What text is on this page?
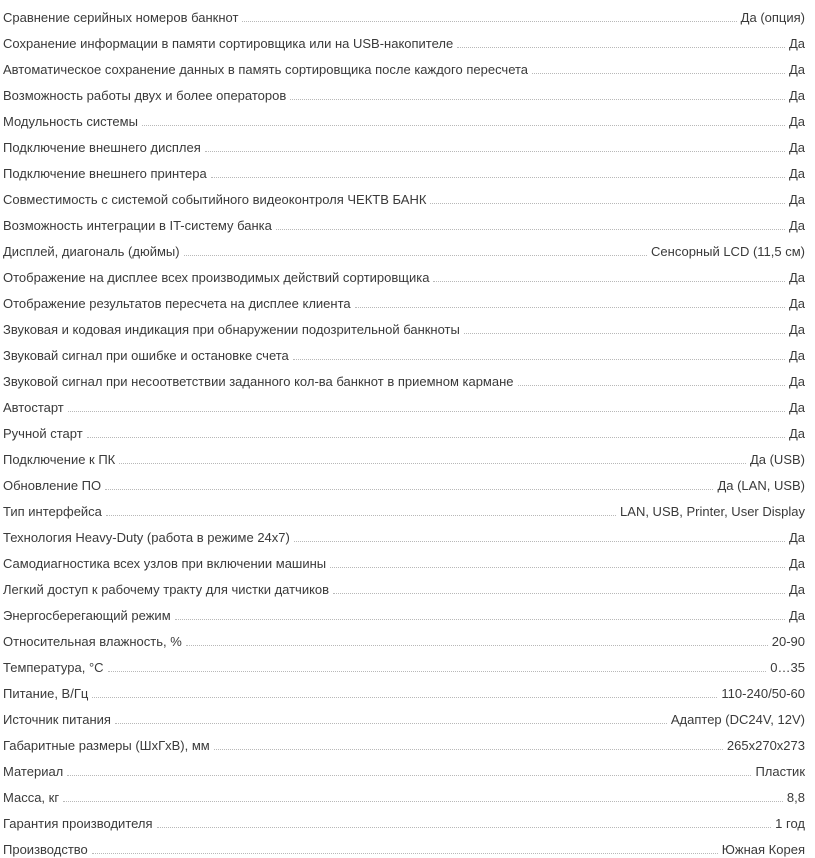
Сравнение серийных номеров банкнот	Да (опция)
Сохранение информации в памяти сортировщика или на USB-накопителе	Да
Автоматическое сохранение данных в память сортировщика после каждого пересчета	Да
Возможность работы двух и более операторов	Да
Модульность системы	Да
Подключение внешнего дисплея	Да
Подключение внешнего принтера	Да
Совместимость с системой событийного видеоконтроля ЧЕКТВ БАНК	Да
Возможность интеграции в IT-систему банка	Да
Дисплей, диагональ (дюймы)	Сенсорный LCD (11,5 см)
Отображение на дисплее всех производимых действий сортировщика	Да
Отображение результатов пересчета на дисплее клиента	Да
Звуковая и кодовая индикация при обнаружении подозрительной банкноты	Да
Звуковай сигнал при ошибке и остановке счета	Да
Звуковой сигнал при несоответствии заданного кол-ва банкнот в приемном кармане	Да
Автостарт	Да
Ручной старт	Да
Подключение к ПК	Да (USB)
Обновление ПО	Да (LAN, USB)
Тип интерфейса	LAN, USB, Printer, User Display
Технология Heavy-Duty (работа в режиме 24х7)	Да
Самодиагностика всех узлов при включении машины	Да
Легкий доступ к рабочему тракту для чистки датчиков	Да
Энергосберегающий режим	Да
Относительная влажность, %	20-90
Температура, °С	0…35
Питание, В/Гц	110-240/50-60
Источник питания	Адаптер (DC24V, 12V)
Габаритные размеры (ШхГхВ), мм	265х270х273
Материал	Пластик
Масса, кг	8,8
Гарантия производителя	1 год
Производство	Южная Корея
